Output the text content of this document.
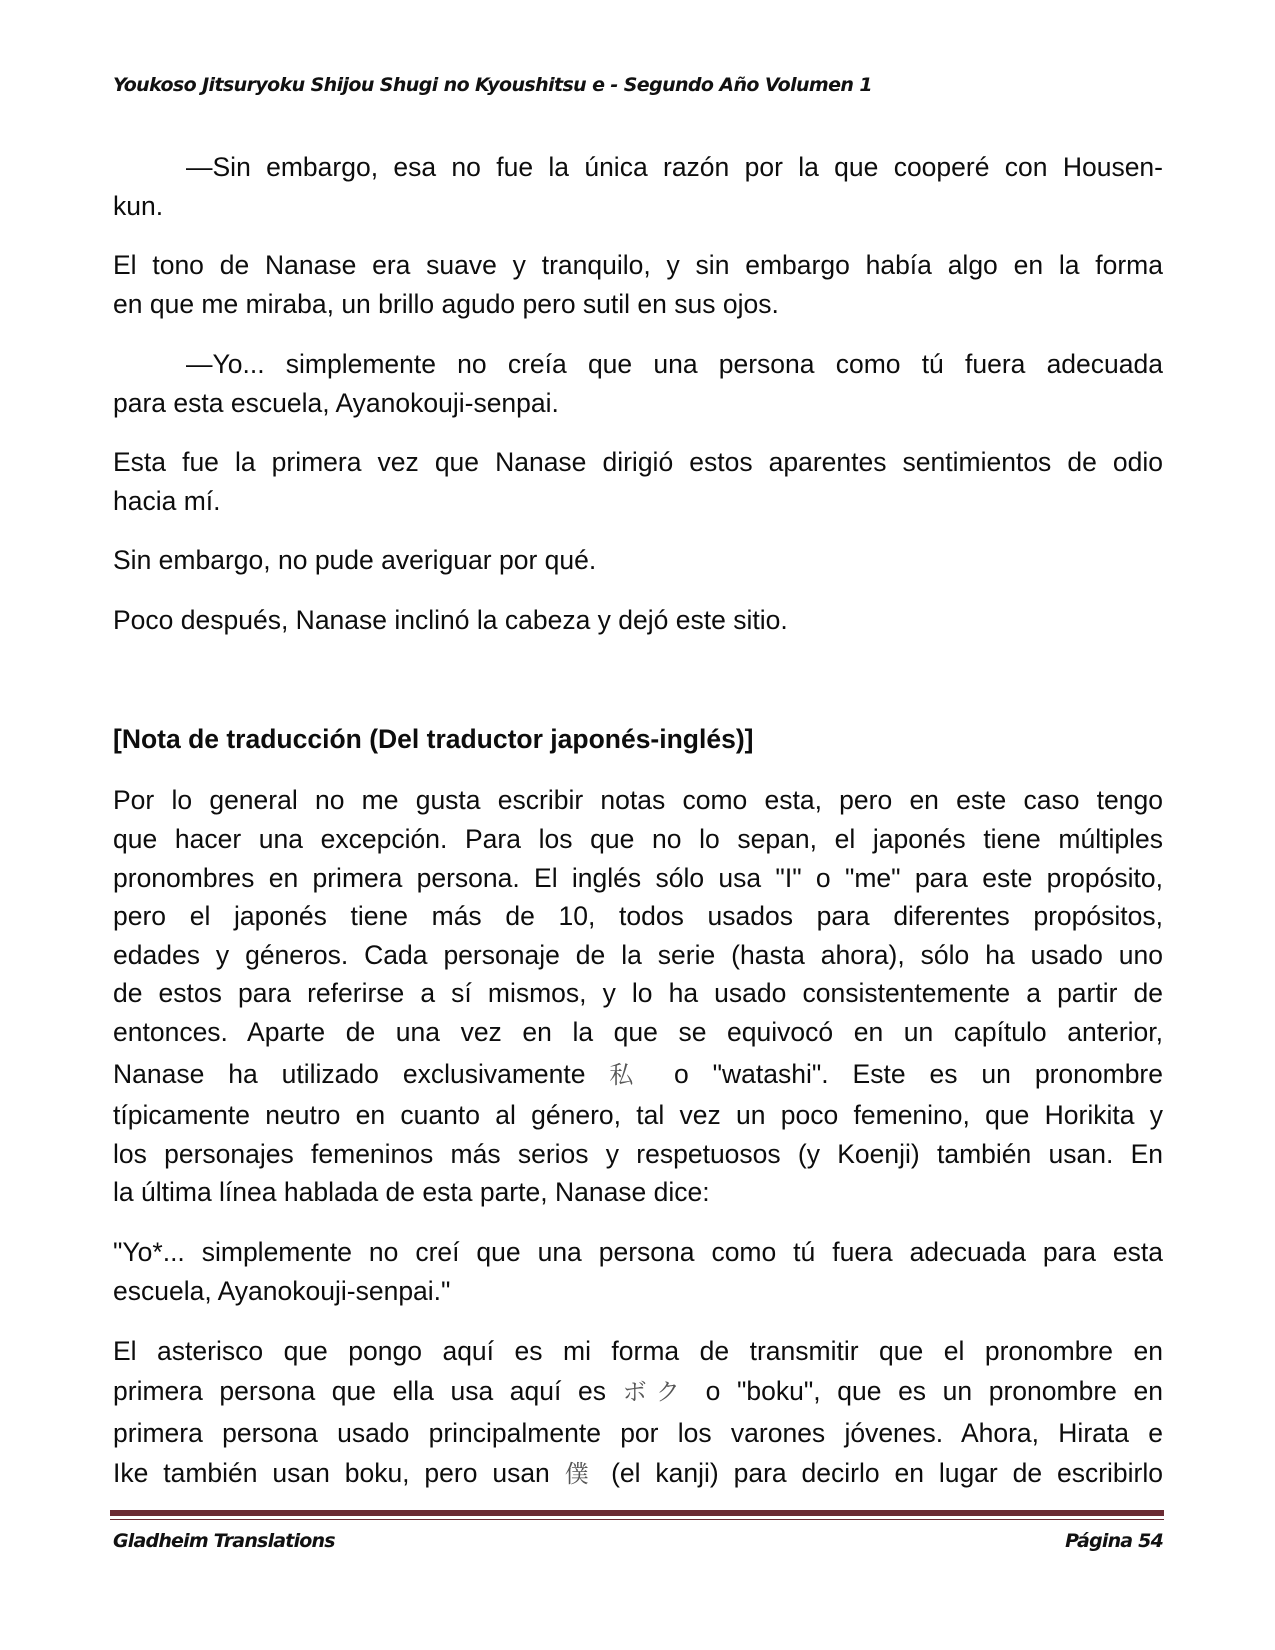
Youkoso Jitsuryoku Shijou Shugi no Kyoushitsu e - Segundo Año Volumen 1
—Sin embargo, esa no fue la única razón por la que cooperé con Housen-
kun.
El tono de Nanase era suave y tranquilo, y sin embargo había algo en la forma
en que me miraba, un brillo agudo pero sutil en sus ojos.
—Yo... simplemente no creía que una persona como tú fuera adecuada
para esta escuela, Ayanokouji-senpai.
Esta fue la primera vez que Nanase dirigió estos aparentes sentimientos de odio
hacia mí.
Sin embargo, no pude averiguar por qué.
Poco después, Nanase inclinó la cabeza y dejó este sitio.
[Nota de traducción (Del traductor japonés-inglés)]
Por lo general no me gusta escribir notas como esta, pero en este caso tengo
que hacer una excepción. Para los que no lo sepan, el japonés tiene múltiples
pronombres en primera persona. El inglés sólo usa "I" o "me" para este propósito,
pero el japonés tiene más de 10, todos usados para diferentes propósitos,
edades y géneros. Cada personaje de la serie (hasta ahora), sólo ha usado uno
de estos para referirse a sí mismos, y lo ha usado consistentemente a partir de
entonces. Aparte de una vez en la que se equivocó en un capítulo anterior,
Nanase ha utilizado exclusivamente 私 o "watashi". Este es un pronombre
típicamente neutro en cuanto al género, tal vez un poco femenino, que Horikita y
los personajes femeninos más serios y respetuosos (y Koenji) también usan. En
la última línea hablada de esta parte, Nanase dice:
"Yo*... simplemente no creí que una persona como tú fuera adecuada para esta
escuela, Ayanokouji-senpai."
El asterisco que pongo aquí es mi forma de transmitir que el pronombre en
primera persona que ella usa aquí es ボク o "boku", que es un pronombre en
primera persona usado principalmente por los varones jóvenes. Ahora, Hirata e
Ike también usan boku, pero usan 僕 (el kanji) para decirlo en lugar de escribirlo
Gladheim Translations	Página 54
